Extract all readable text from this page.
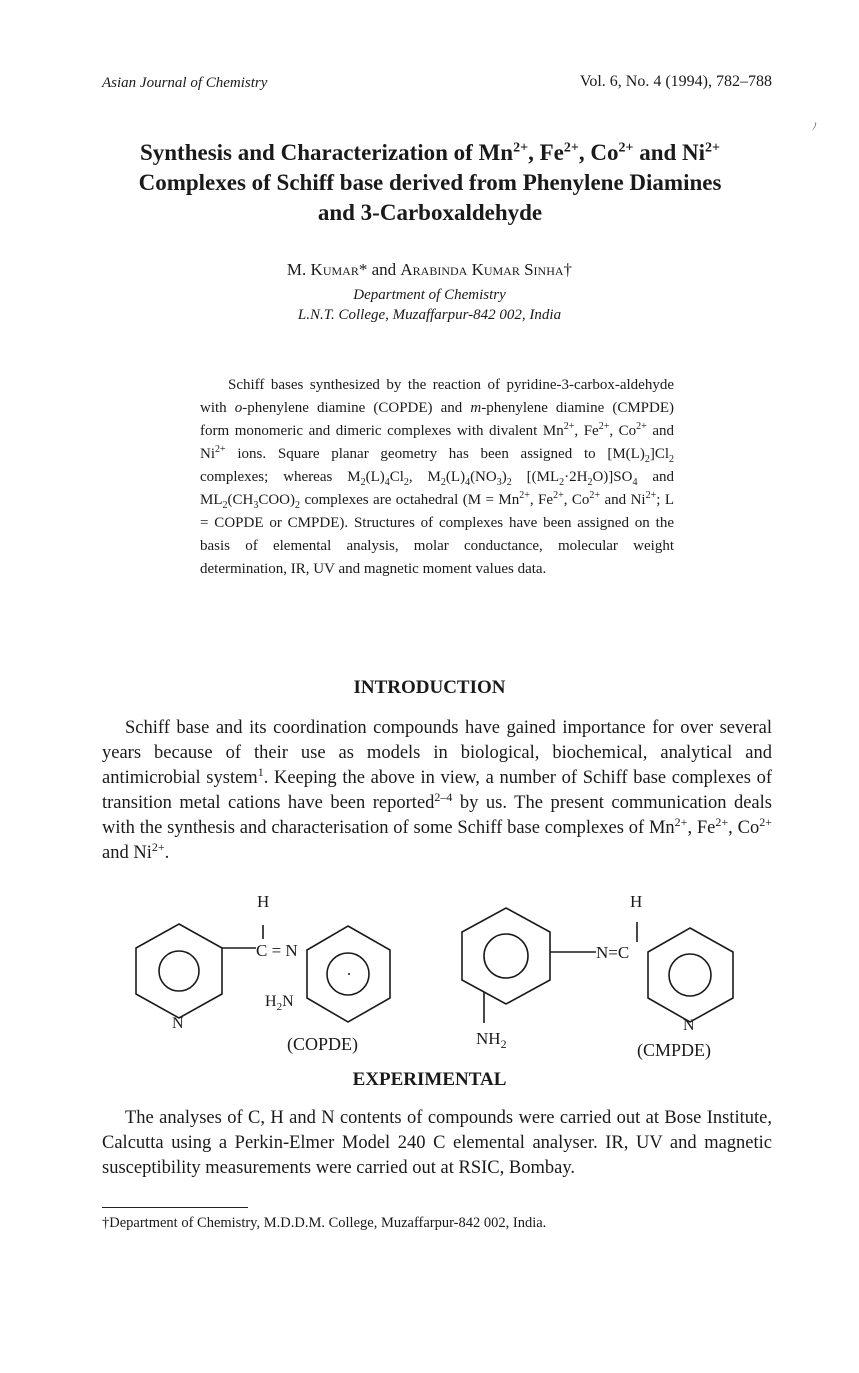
Asian Journal of Chemistry	Vol. 6, No. 4 (1994), 782–788
ﾉ
Synthesis and Characterization of $Mn^{2+}$, $Fe^{2+}$, $Co^{2+}$ and $Ni^{2+}$
Complexes of Schiff base derived from Phenylene Diamines
and 3-Carboxaldehyde
M. Kumar* and Arabinda Kumar Sinha†
Department of Chemistry
L.N.T. College, Muzaffarpur-842 002, India
Schiff bases synthesized by the reaction of pyridine-3-carbox-aldehyde with o-phenylene diamine (COPDE) and m-phenylene diamine (CMPDE) form monomeric and dimeric complexes with divalent $Mn^{2+}$, $Fe^{2+}$, $Co^{2+}$ and $Ni^{2+}$ ions. Square planar geometry has been assigned to $[M(L)_2]Cl_2$ complexes; whereas $M_2(L)_4Cl_2$, $M_2(L)_4(NO_3)_2$ $[(ML_2\cdot 2H_2O)]SO_4$ and $ML_2(CH_3COO)_2$ complexes are octahedral ($M = Mn^{2+}$, $Fe^{2+}$, $Co^{2+}$ and $Ni^{2+}$; L = COPDE or CMPDE). Structures of complexes have been assigned on the basis of elemental analysis, molar conductance, molecular weight determination, IR, UV and magnetic moment values data.
INTRODUCTION

Schiff base and its coordination compounds have gained importance for over several years because of their use as models in biological, biochemical, analytical and antimicrobial system$^1$. Keeping the above in view, a number of Schiff base complexes of transition metal cations have been reported$^{2-4}$ by us. The present communication deals with the synthesis and characterisation of some Schiff base complexes of $Mn^{2+}$, $Fe^{2+}$, $Co^{2+}$ and $Ni^{2+}$.

H
C = N
N
$H_2N$
(COPDE)
H
N=C
N
$NH_2$	(CMPDE)
EXPERIMENTAL

The analyses of C, H and N contents of compounds were carried out at Bose Institute, Calcutta using a Perkin-Elmer Model 240 C elemental analyser. IR, UV and magnetic susceptibility measurements were carried out at RSIC, Bombay.

†Department of Chemistry, M.D.D.M. College, Muzaffarpur-842 002, India.
